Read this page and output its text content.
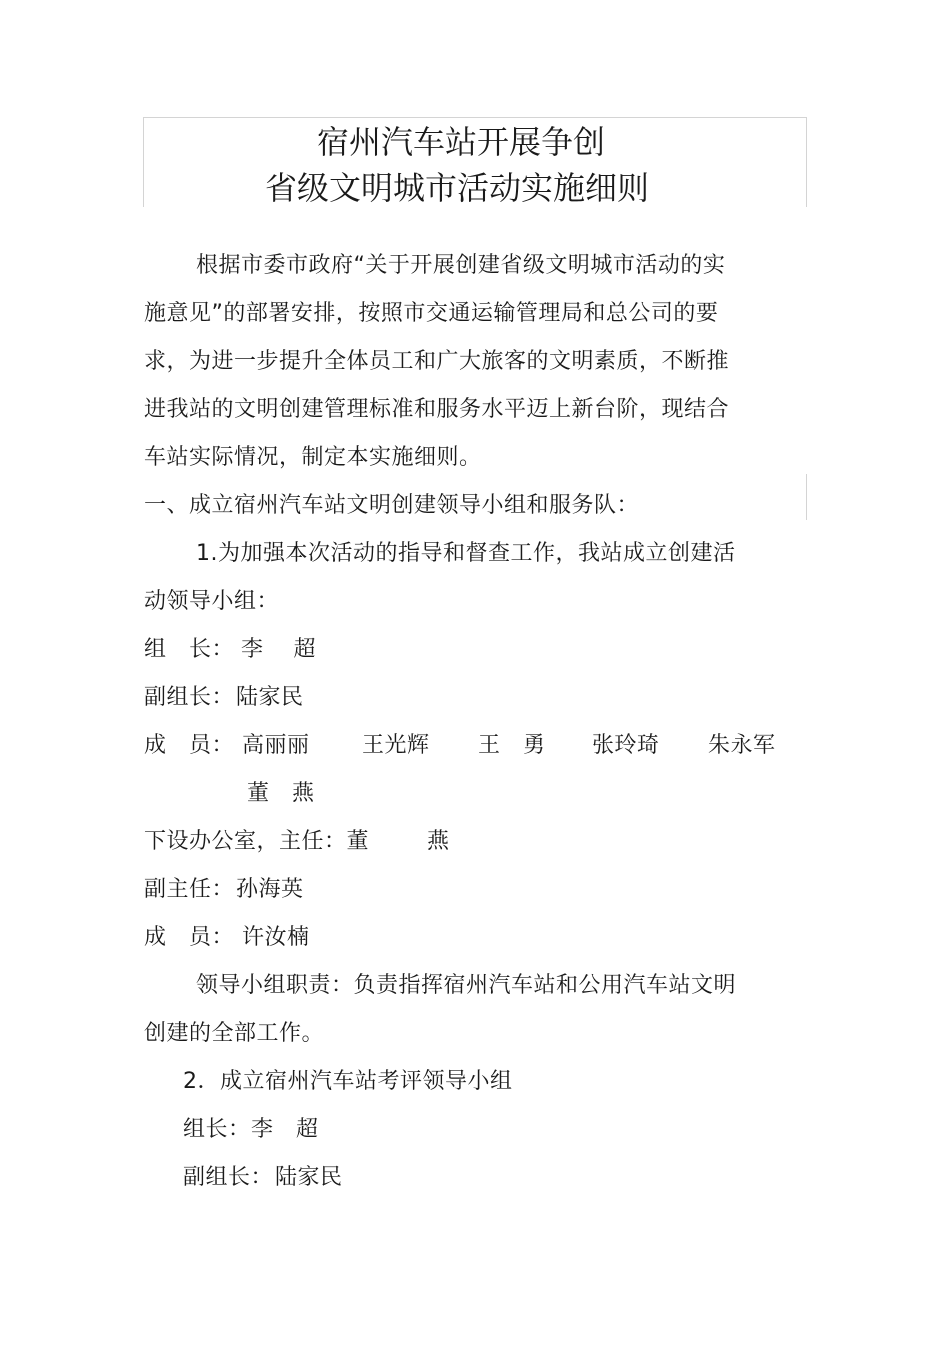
宿州汽车站开展争创
省级文明城市活动实施细则
根据市委市政府“关于开展创建省级文明城市活动的实
施意见”的部署安排，按照市交通运输管理局和总公司的要
求，为进一步提升全体员工和广大旅客的文明素质，不断推
进我站的文明创建管理标准和服务水平迈上新台阶，现结合
车站实际情况，制定本实施细则。
一、成立宿州汽车站文明创建领导小组和服务队：
1.为加强本次活动的指导和督查工作，我站成立创建活
动领导小组：
组　长： 李　 超
副组长： 陆家民
成　员： 高丽丽 王光辉 王　勇 张玲琦 朱永军
董　燕
下设办公室，主任：董	燕
副主任： 孙海英
成　员： 许汝楠
领导小组职责：负责指挥宿州汽车站和公用汽车站文明
创建的全部工作。
2．成立宿州汽车站考评领导小组
组长： 李　超
副组长： 陆家民
